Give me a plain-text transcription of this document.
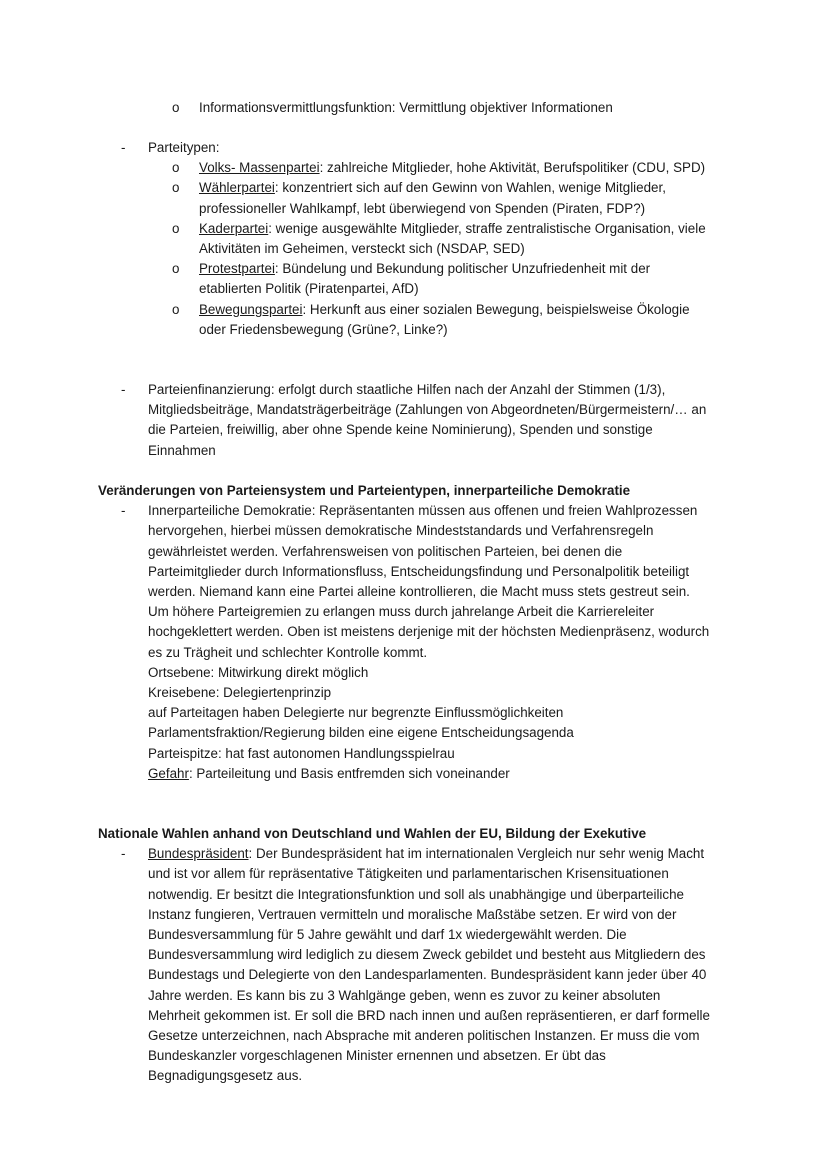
o Informationsvermittlungsfunktion: Vermittlung objektiver Informationen
- Parteitypen:
o Volks- Massenpartei: zahlreiche Mitglieder, hohe Aktivität, Berufspolitiker (CDU, SPD)
o Wählerpartei: konzentriert sich auf den Gewinn von Wahlen, wenige Mitglieder, professioneller Wahlkampf, lebt überwiegend von Spenden (Piraten, FDP?)
o Kaderpartei: wenige ausgewählte Mitglieder, straffe zentralistische Organisation, viele Aktivitäten im Geheimen, versteckt sich (NSDAP, SED)
o Protestpartei: Bündelung und Bekundung politischer Unzufriedenheit mit der etablierten Politik (Piratenpartei, AfD)
o Bewegungspartei: Herkunft aus einer sozialen Bewegung, beispielsweise Ökologie oder Friedensbewegung (Grüne?, Linke?)
- Parteienfinanzierung: erfolgt durch staatliche Hilfen nach der Anzahl der Stimmen (1/3), Mitgliedsbeiträge, Mandatsträgerbeiträge (Zahlungen von Abgeordneten/Bürgermeistern/… an die Parteien, freiwillig, aber ohne Spende keine Nominierung), Spenden und sonstige Einnahmen
Veränderungen von Parteiensystem und Parteientypen, innerparteiliche Demokratie
- Innerparteiliche Demokratie: Repräsentanten müssen aus offenen und freien Wahlprozessen hervorgehen, hierbei müssen demokratische Mindeststandards und Verfahrensregeln gewährleistet werden. Verfahrensweisen von politischen Parteien, bei denen die Parteimitglieder durch Informationsfluss, Entscheidungsfindung und Personalpolitik beteiligt werden. Niemand kann eine Partei alleine kontrollieren, die Macht muss stets gestreut sein. Um höhere Parteigremien zu erlangen muss durch jahrelange Arbeit die Karriereleiter hochgeklettert werden. Oben ist meistens derjenige mit der höchsten Medienpräsenz, wodurch es zu Trägheit und schlechter Kontrolle kommt.
Ortsebene: Mitwirkung direkt möglich
Kreisebene: Delegiertenprinzip
auf Parteitagen haben Delegierte nur begrenzte Einflussmöglichkeiten
Parlamentsfraktion/Regierung bilden eine eigene Entscheidungsagenda
Parteispitze: hat fast autonomen Handlungsspielrau
Gefahr: Parteileitung und Basis entfremden sich voneinander
Nationale Wahlen anhand von Deutschland und Wahlen der EU, Bildung der Exekutive
- Bundespräsident: Der Bundespräsident hat im internationalen Vergleich nur sehr wenig Macht und ist vor allem für repräsentative Tätigkeiten und parlamentarischen Krisensituationen notwendig. Er besitzt die Integrationsfunktion und soll als unabhängige und überparteiliche Instanz fungieren, Vertrauen vermitteln und moralische Maßstäbe setzen. Er wird von der Bundesversammlung für 5 Jahre gewählt und darf 1x wiedergewählt werden. Die Bundesversammlung wird lediglich zu diesem Zweck gebildet und besteht aus Mitgliedern des Bundestags und Delegierte von den Landesparlamenten. Bundespräsident kann jeder über 40 Jahre werden. Es kann bis zu 3 Wahlgänge geben, wenn es zuvor zu keiner absoluten Mehrheit gekommen ist. Er soll die BRD nach innen und außen repräsentieren, er darf formelle Gesetze unterzeichnen, nach Absprache mit anderen politischen Instanzen. Er muss die vom Bundeskanzler vorgeschlagenen Minister ernennen und absetzen. Er übt das Begnadigungsgesetz aus.
